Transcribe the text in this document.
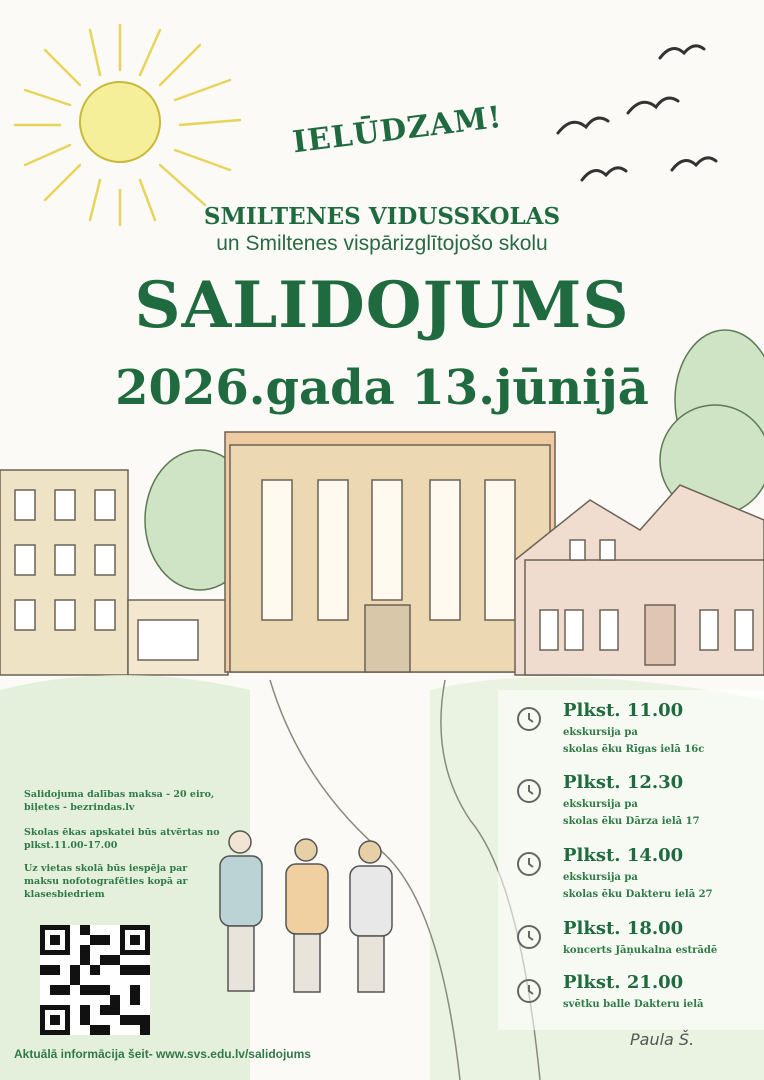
IELŪDZAM!
SMILTENES VIDUSSKOLAS
un Smiltenes vispārizglītojošo skolu
SALIDOJUMS
2026.gada 13.jūnijā
Salidojuma dalības maksa - 20 eiro, biļetes - bezrindas.lv
Skolas ēkas apskatei būs atvērtas no plkst.11.00-17.00
Uz vietas skolā būs iespēja par maksu nofotografēties kopā ar klasesbiedriem
Aktuālā informācija šeit- www.svs.edu.lv/salidojums
Plkst. 11.00
ekskursija pa
skolas ēku Rīgas ielā 16c
Plkst. 12.30
ekskursija pa
skolas ēku Dārza ielā 17
Plkst. 14.00
ekskursija pa
skolas ēku Dakteru ielā 27
Plkst. 18.00
koncerts Jāņukalna estrādē
Plkst. 21.00
svētku balle Dakteru ielā
Paula Š.
